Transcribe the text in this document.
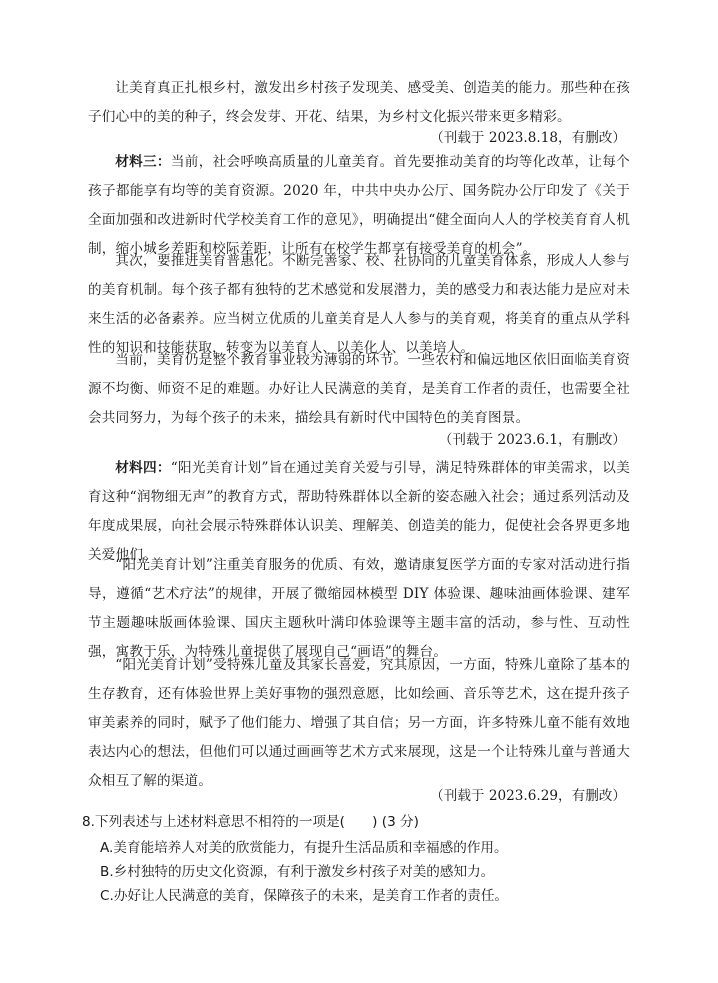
让美育真正扎根乡村，激发出乡村孩子发现美、感受美、创造美的能力。那些种在孩子们心中的美的种子，终会发芽、开花、结果，为乡村文化振兴带来更多精彩。

（刊载于 2023.8.18，有删改）

材料三：当前，社会呼唤高质量的儿童美育。首先要推动美育的均等化改革，让每个孩子都能享有均等的美育资源。2020 年，中共中央办公厅、国务院办公厅印发了《关于全面加强和改进新时代学校美育工作的意见》，明确提出“健全面向人人的学校美育育人机制，缩小城乡差距和校际差距，让所有在校学生都享有接受美育的机会”。

其次，要推进美育普惠化。不断完善家、校、社协同的儿童美育体系，形成人人参与的美育机制。每个孩子都有独特的艺术感觉和发展潜力，美的感受力和表达能力是应对未来生活的必备素养。应当树立优质的儿童美育是人人参与的美育观，将美育的重点从学科性的知识和技能获取，转变为以美育人、以美化人、以美培人。

当前，美育仍是整个教育事业较为薄弱的环节。一些农村和偏远地区依旧面临美育资源不均衡、师资不足的难题。办好让人民满意的美育，是美育工作者的责任，也需要全社会共同努力，为每个孩子的未来，描绘具有新时代中国特色的美育图景。

（刊载于 2023.6.1，有删改）

材料四：“阳光美育计划”旨在通过美育关爱与引导，满足特殊群体的审美需求，以美育这种“润物细无声”的教育方式，帮助特殊群体以全新的姿态融入社会；通过系列活动及年度成果展，向社会展示特殊群体认识美、理解美、创造美的能力，促使社会各界更多地关爱他们。

“阳光美育计划”注重美育服务的优质、有效，邀请康复医学方面的专家对活动进行指导，遵循“艺术疗法”的规律，开展了微缩园林模型 DIY 体验课、趣味油画体验课、建军节主题趣味版画体验课、国庆主题秋叶满印体验课等主题丰富的活动，参与性、互动性强，寓教于乐，为特殊儿童提供了展现自己“画语”的舞台。

“阳光美育计划”受特殊儿童及其家长喜爱，究其原因，一方面，特殊儿童除了基本的生存教育，还有体验世界上美好事物的强烈意愿，比如绘画、音乐等艺术，这在提升孩子审美素养的同时，赋予了他们能力、增强了其自信；另一方面，许多特殊儿童不能有效地表达内心的想法，但他们可以通过画画等艺术方式来展现，这是一个让特殊儿童与普通大众相互了解的渠道。

（刊载于 2023.6.29，有删改）
8.下列表述与上述材料意思不相符的一项是(　　) (3 分)
A.美育能培养人对美的欣赏能力，有提升生活品质和幸福感的作用。
B.乡村独特的历史文化资源，有利于激发乡村孩子对美的感知力。
C.办好让人民满意的美育，保障孩子的未来，是美育工作者的责任。
